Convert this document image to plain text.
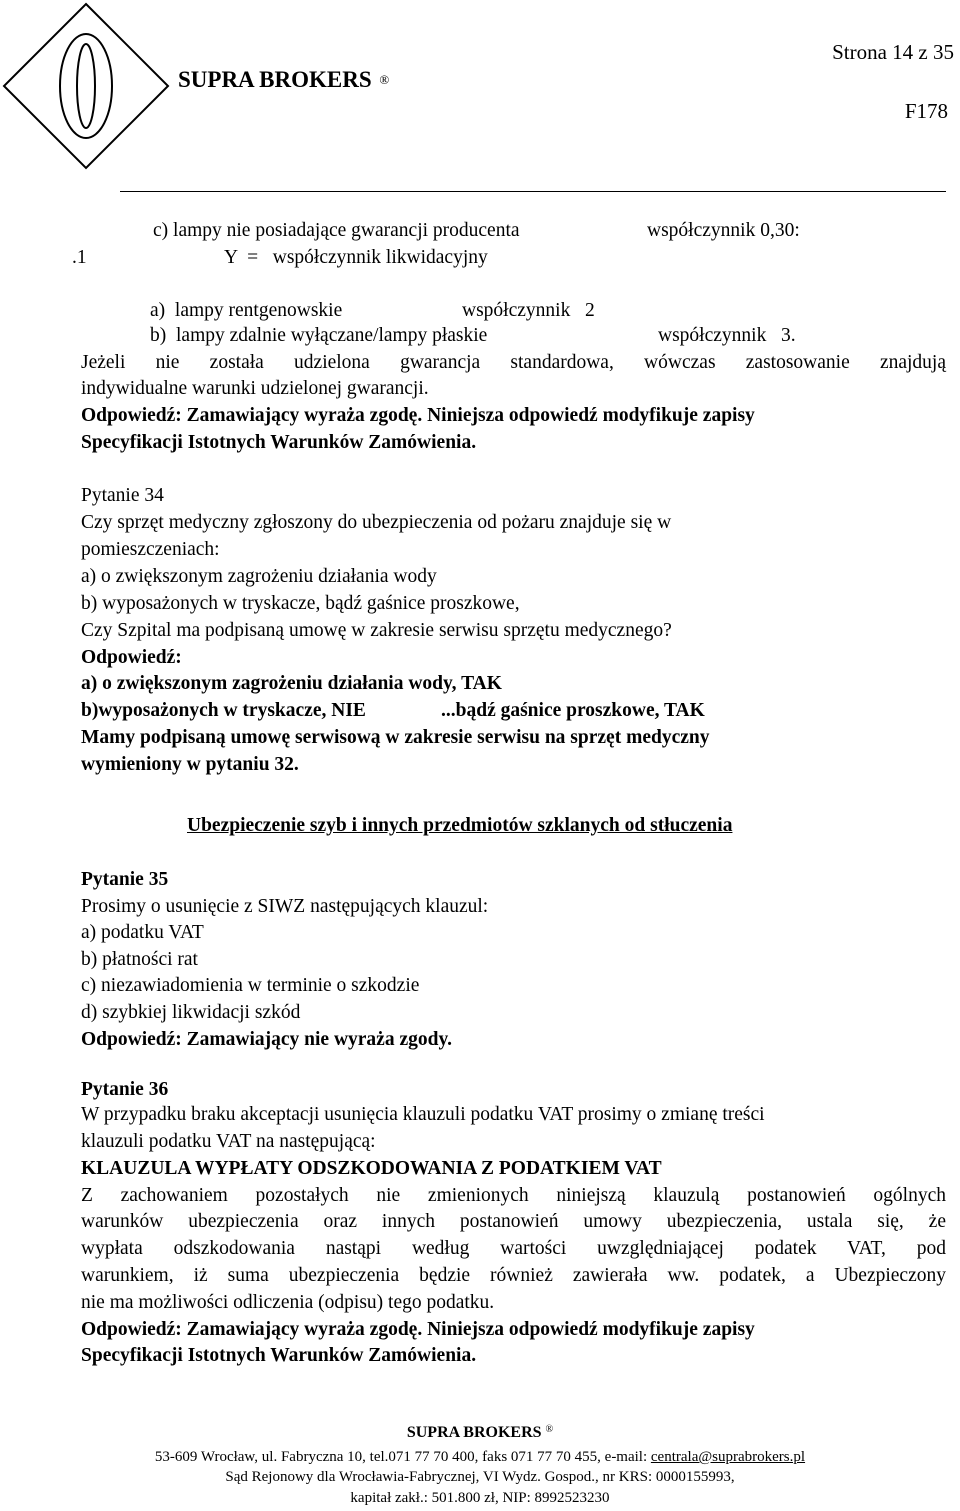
Strona 14 z 35
SUPRA BROKERS ®
F178
c) lampy nie posiadające gwarancji producenta	współczynnik 0,30:
.1	Y  =   współczynnik likwidacyjny
a)  lampy rentgenowskie	współczynnik   2
b)  lampy zdalnie wyłączane/lampy płaskie	współczynnik   3.
Jeżeli nie została udzielona gwarancja standardowa, wówczas zastosowanie znajdują
indywidualne warunki udzielonej gwarancji.
Odpowiedź: Zamawiający wyraża zgodę. Niniejsza odpowiedź modyfikuje zapisy
Specyfikacji Istotnych Warunków Zamówienia.
Pytanie 34
Czy sprzęt medyczny zgłoszony do ubezpieczenia od pożaru znajduje się w
pomieszczeniach:
a) o zwiększonym zagrożeniu działania wody
b) wyposażonych w tryskacze, bądź gaśnice proszkowe,
Czy Szpital ma podpisaną umowę w zakresie serwisu sprzętu medycznego?
Odpowiedź:
a) o zwiększonym zagrożeniu działania wody, TAK
b)wyposażonych w tryskacze, NIE	...bądź gaśnice proszkowe, TAK
Mamy podpisaną umowę serwisową w zakresie serwisu na sprzęt medyczny
wymieniony w pytaniu 32.
Ubezpieczenie szyb i innych przedmiotów szklanych od stłuczenia
Pytanie 35
Prosimy o usunięcie z SIWZ następujących klauzul:
a) podatku VAT
b) płatności rat
c) niezawiadomienia w terminie o szkodzie
d) szybkiej likwidacji szkód
Odpowiedź: Zamawiający nie wyraża zgody.
Pytanie 36
W przypadku braku akceptacji usunięcia klauzuli podatku VAT prosimy o zmianę treści
klauzuli podatku VAT na następującą:
KLAUZULA WYPŁATY ODSZKODOWANIA Z PODATKIEM VAT
Z zachowaniem pozostałych nie zmienionych niniejszą klauzulą postanowień ogólnych
warunków ubezpieczenia oraz innych postanowień umowy ubezpieczenia, ustala się, że
wypłata odszkodowania nastąpi według wartości uwzględniającej podatek VAT, pod
warunkiem, iż suma ubezpieczenia będzie również zawierała ww. podatek, a Ubezpieczony
nie ma możliwości odliczenia (odpisu) tego podatku.
Odpowiedź: Zamawiający wyraża zgodę. Niniejsza odpowiedź modyfikuje zapisy
Specyfikacji Istotnych Warunków Zamówienia.
SUPRA BROKERS ®
53-609 Wrocław, ul. Fabryczna 10, tel.071 77 70 400, faks 071 77 70 455, e-mail: centrala@suprabrokers.pl
Sąd Rejonowy dla Wrocławia-Fabrycznej, VI Wydz. Gospod., nr KRS: 0000155993,
kapitał zakł.: 501.800 zł, NIP: 8992523230
